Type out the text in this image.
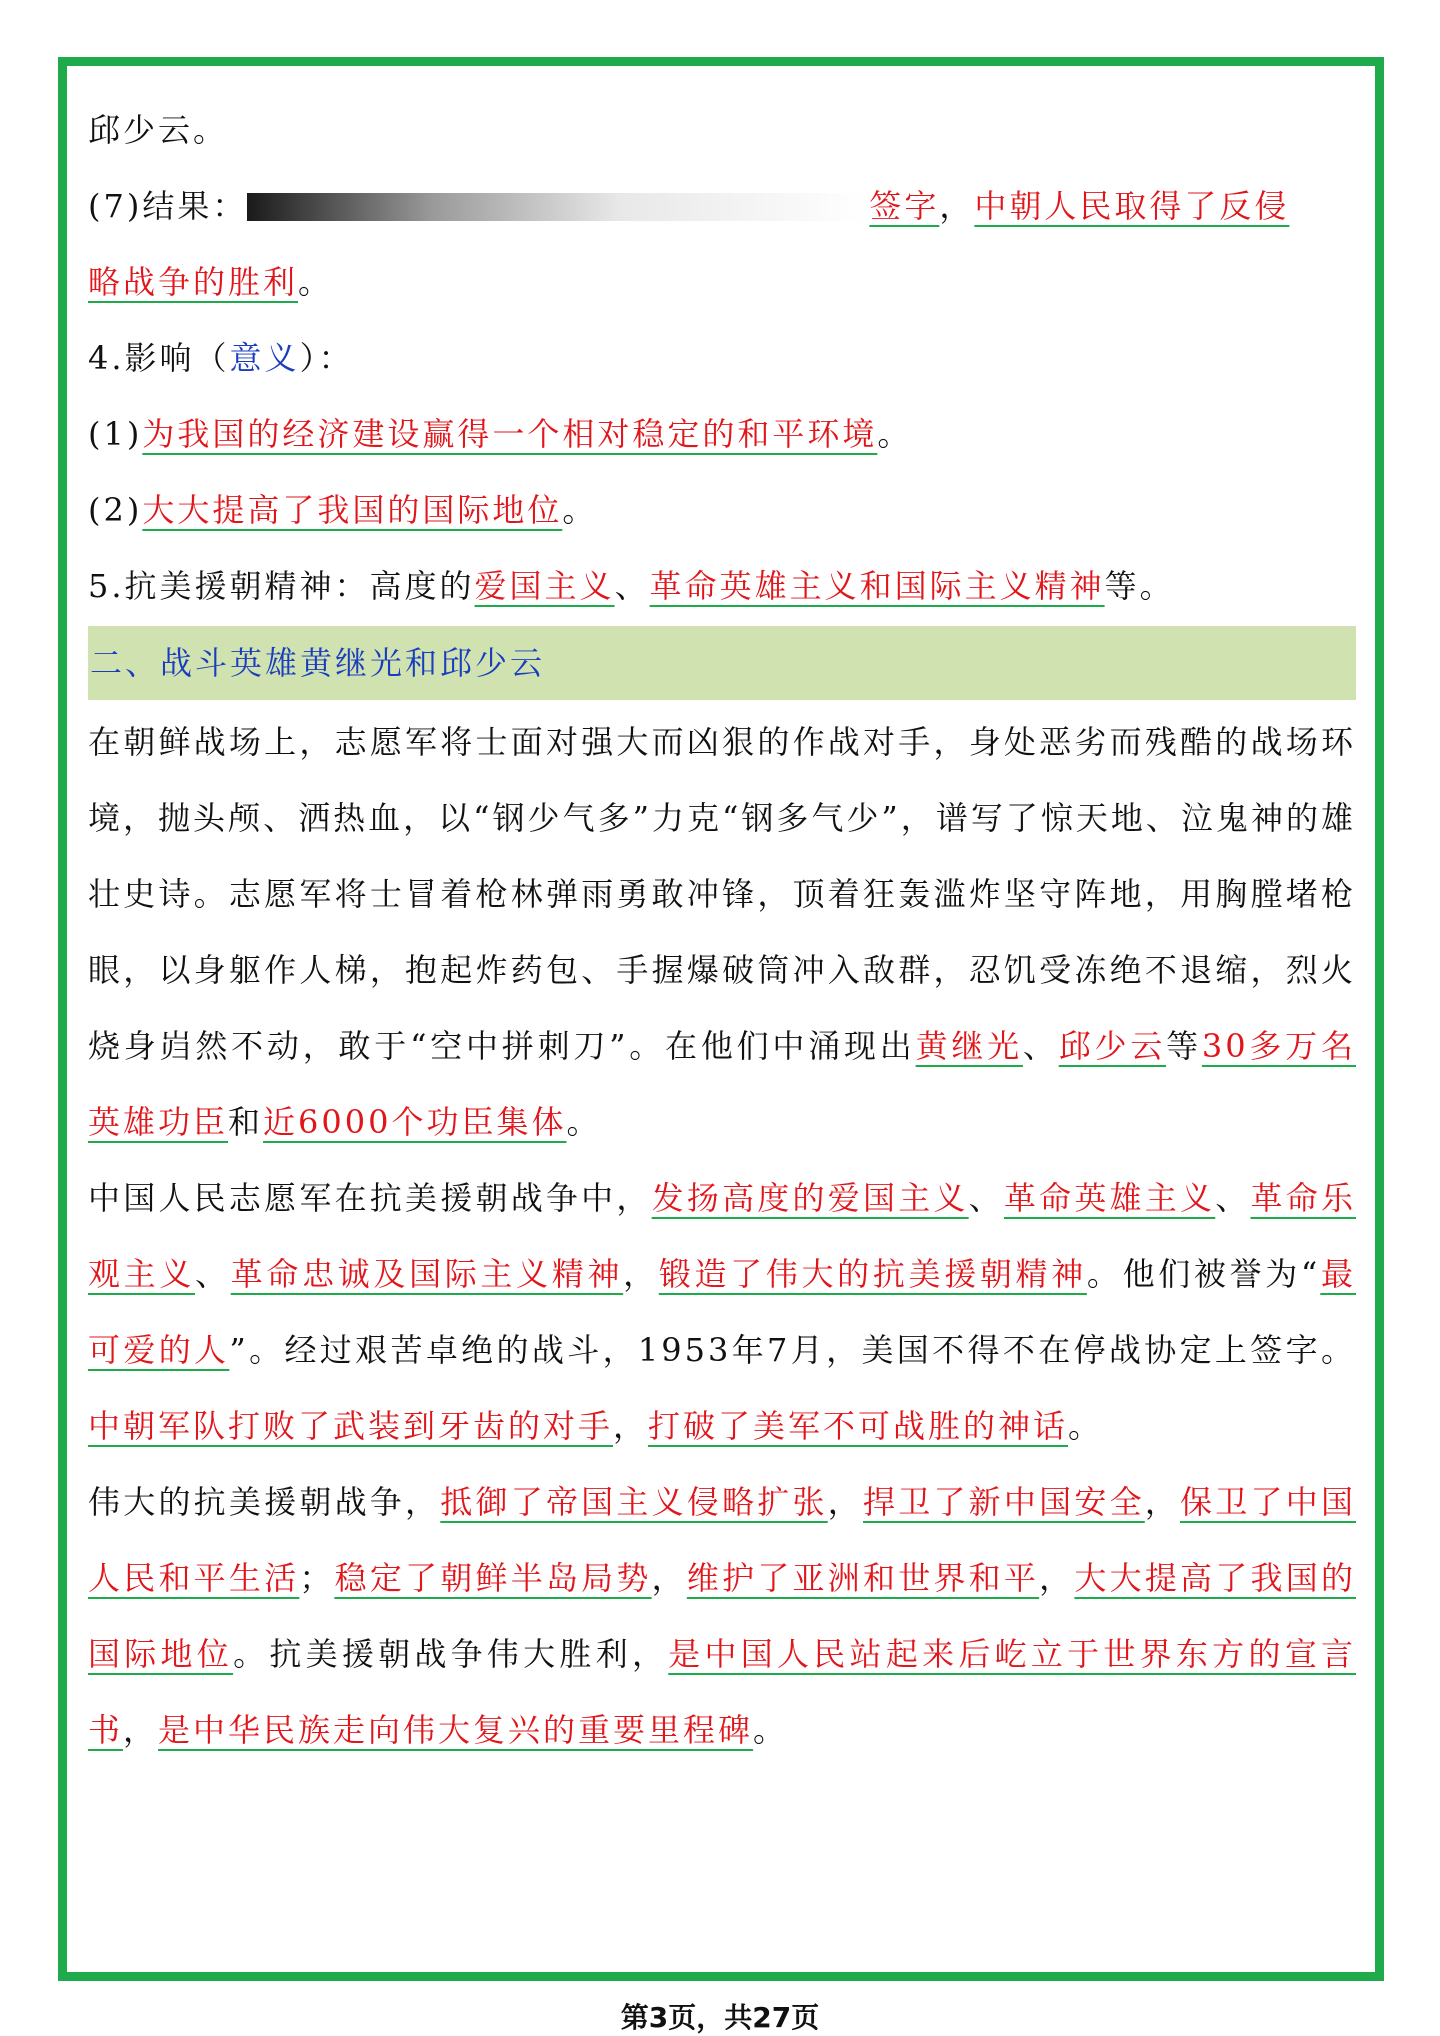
邱少云。
(7)结果：	签字，中朝人民取得了反侵
略战争的胜利。
4.影响（意义）：
(1)为我国的经济建设赢得一个相对稳定的和平环境。
(2)大大提高了我国的国际地位。
5.抗美援朝精神：高度的爱国主义、革命英雄主义和国际主义精神等。
二、战斗英雄黄继光和邱少云
在朝鲜战场上，志愿军将士面对强大而凶狠的作战对手，身处恶劣而残酷的战场环境，抛头颅、洒热血，以“钢少气多”力克“钢多气少”，谱写了惊天地、泣鬼神的雄壮史诗。志愿军将士冒着枪林弹雨勇敢冲锋，顶着狂轰滥炸坚守阵地，用胸膛堵枪眼，以身躯作人梯，抱起炸药包、手握爆破筒冲入敌群，忍饥受冻绝不退缩，烈火烧身岿然不动，敢于“空中拼刺刀”。在他们中涌现出黄继光、邱少云等30多万名英雄功臣和近6000个功臣集体。
中国人民志愿军在抗美援朝战争中，发扬高度的爱国主义、革命英雄主义、革命乐观主义、革命忠诚及国际主义精神，锻造了伟大的抗美援朝精神。他们被誉为“最可爱的人”。经过艰苦卓绝的战斗，1953年7月，美国不得不在停战协定上签字。中朝军队打败了武装到牙齿的对手，打破了美军不可战胜的神话。
伟大的抗美援朝战争，抵御了帝国主义侵略扩张，捍卫了新中国安全，保卫了中国人民和平生活；稳定了朝鲜半岛局势，维护了亚洲和世界和平，大大提高了我国的国际地位。抗美援朝战争伟大胜利，是中国人民站起来后屹立于世界东方的宣言书，是中华民族走向伟大复兴的重要里程碑。
第3页，共27页
